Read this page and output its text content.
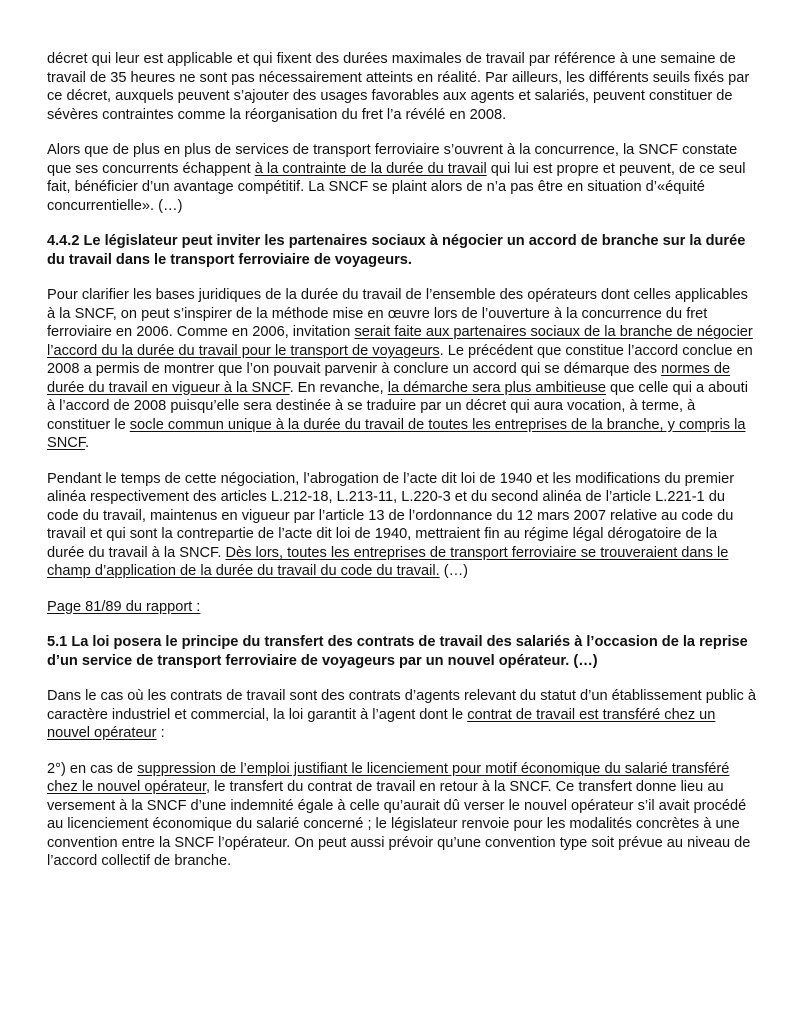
décret qui leur est applicable et qui fixent des durées maximales de travail par référence à une semaine de travail de 35 heures ne sont pas nécessairement atteints en réalité. Par ailleurs, les différents seuils fixés par ce décret, auxquels peuvent s’ajouter des usages favorables aux agents et salariés, peuvent constituer de sévères contraintes comme la réorganisation du fret l’a révélé en 2008.

Alors que de plus en plus de services de transport ferroviaire s’ouvrent à la concurrence, la SNCF constate que ses concurrents échappent à la contrainte de la durée du travail qui lui est propre et peuvent, de ce seul fait, bénéficier d’un avantage compétitif. La SNCF se plaint alors de n’a pas être en situation d’«équité concurrentielle». (…)

4.4.2 Le législateur peut inviter les partenaires sociaux à négocier un accord de branche sur la durée du travail dans le transport ferroviaire de voyageurs.

Pour clarifier les bases juridiques de la durée du travail de l’ensemble des opérateurs dont celles applicables à la SNCF, on peut s’inspirer de la méthode mise en œuvre lors de l’ouverture à la concurrence du fret ferroviaire en 2006. Comme en 2006, invitation serait faite aux partenaires sociaux de la branche de négocier l’accord du la durée du travail pour le transport de voyageurs. Le précédent que constitue l’accord conclue en 2008 a permis de montrer que l’on pouvait parvenir à conclure un accord qui se démarque des normes de durée du travail en vigueur à la SNCF. En revanche, la démarche sera plus ambitieuse que celle qui a abouti à l’accord de 2008 puisqu’elle sera destinée à se traduire par un décret qui aura vocation, à terme, à constituer le socle commun unique à la durée du travail de toutes les entreprises de la branche, y compris la SNCF.

Pendant le temps de cette négociation, l’abrogation de l’acte dit loi de 1940 et les modifications du premier alinéa respectivement des articles L.212-18, L.213-11, L.220-3 et du second alinéa de l’article L.221-1 du code du travail, maintenus en vigueur par l’article 13 de l’ordonnance du 12 mars 2007 relative au code du travail et qui sont la contrepartie de l’acte dit loi de 1940, mettraient fin au régime légal dérogatoire de la durée du travail à la SNCF. Dès lors, toutes les entreprises de transport ferroviaire se trouveraient dans le champ d’application de la durée du travail du code du travail. (…)

Page 81/89 du rapport :

5.1 La loi posera le principe du transfert des contrats de travail des salariés à l’occasion de la reprise d’un service de transport ferroviaire de voyageurs par un nouvel opérateur. (…)

Dans le cas où les contrats de travail sont des contrats d’agents relevant du statut d’un établissement public à caractère industriel et commercial, la loi garantit à l’agent dont le contrat de travail est transféré chez un nouvel opérateur :

2°) en cas de suppression de l’emploi justifiant le licenciement pour motif économique du salarié transféré chez le nouvel opérateur, le transfert du contrat de travail en retour à la SNCF. Ce transfert donne lieu au versement à la SNCF d’une indemnité égale à celle qu’aurait dû verser le nouvel opérateur s’il avait procédé au licenciement économique du salarié concerné ; le législateur renvoie pour les modalités concrètes à une convention entre la SNCF l’opérateur. On peut aussi prévoir qu’une convention type soit prévue au niveau de l’accord collectif de branche.
